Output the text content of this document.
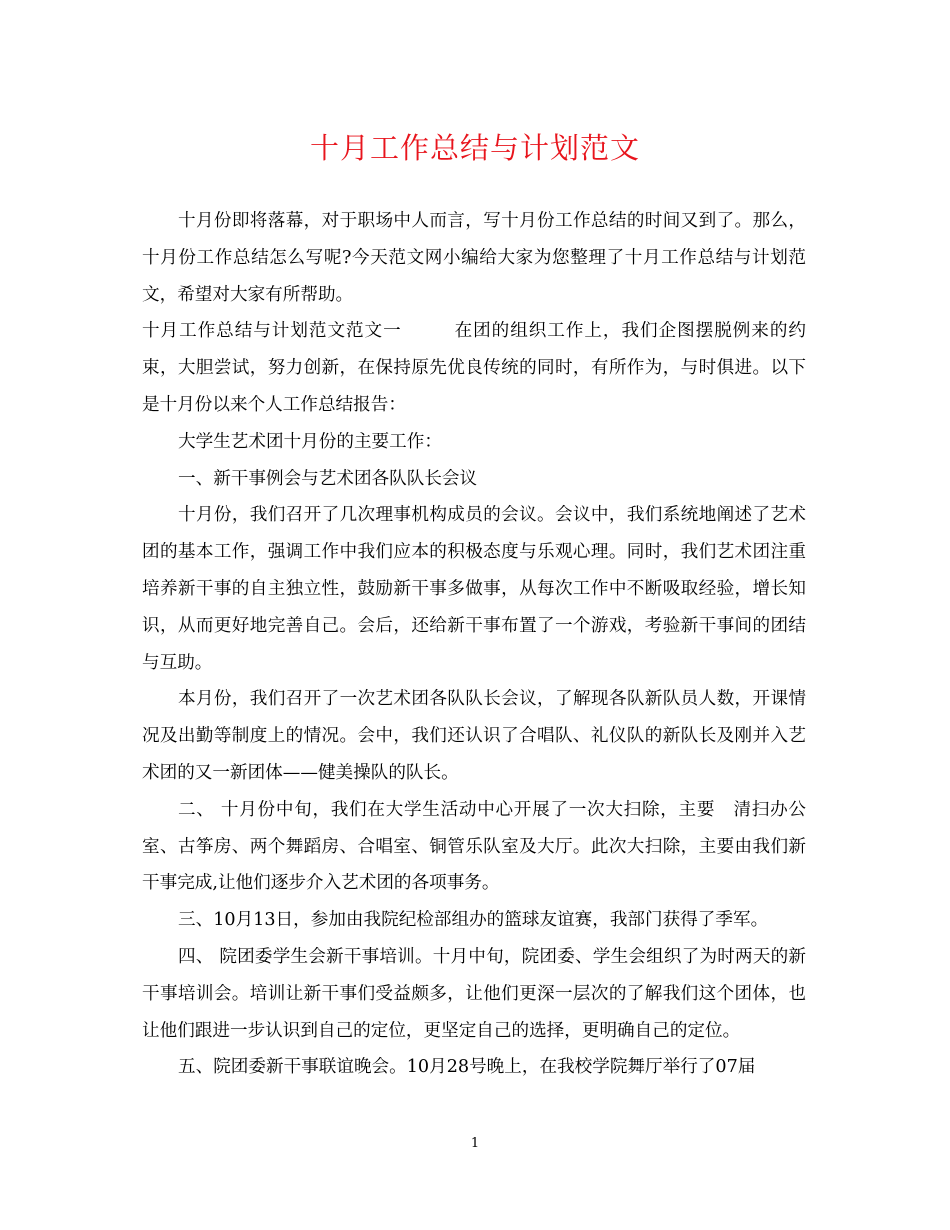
十月工作总结与计划范文

十月份即将落幕，对于职场中人而言，写十月份工作总结的时间又到了。那么，十月份工作总结怎么写呢?今天范文网小编给大家为您整理了十月工作总结与计划范文，希望对大家有所帮助。

十月工作总结与计划范文范文一	在团的组织工作上，我们企图摆脱例来的约束，大胆尝试，努力创新，在保持原先优良传统的同时，有所作为，与时俱进。以下是十月份以来个人工作总结报告：

大学生艺术团十月份的主要工作：

一、新干事例会与艺术团各队队长会议

十月份，我们召开了几次理事机构成员的会议。会议中，我们系统地阐述了艺术团的基本工作，强调工作中我们应本的积极态度与乐观心理。同时，我们艺术团注重培养新干事的自主独立性，鼓励新干事多做事，从每次工作中不断吸取经验，增长知识，从而更好地完善自己。会后，还给新干事布置了一个游戏，考验新干事间的团结与互助。

本月份，我们召开了一次艺术团各队队长会议，了解现各队新队员人数，开课情况及出勤等制度上的情况。会中，我们还认识了合唱队、礼仪队的新队长及刚并入艺术团的又一新团体——健美操队的队长。

二、 十月份中旬，我们在大学生活动中心开展了一次大扫除，主要　清扫办公室、古筝房、两个舞蹈房、合唱室、铜管乐队室及大厅。此次大扫除，主要由我们新干事完成,让他们逐步介入艺术团的各项事务。

三、10月13日，参加由我院纪检部组办的篮球友谊赛，我部门获得了季军。

四、 院团委学生会新干事培训。十月中旬，院团委、学生会组织了为时两天的新干事培训会。培训让新干事们受益颇多，让他们更深一层次的了解我们这个团体，也让他们跟进一步认识到自己的定位，更坚定自己的选择，更明确自己的定位。

五、院团委新干事联谊晚会。10月28号晚上，在我校学院舞厅举行了07届

1
